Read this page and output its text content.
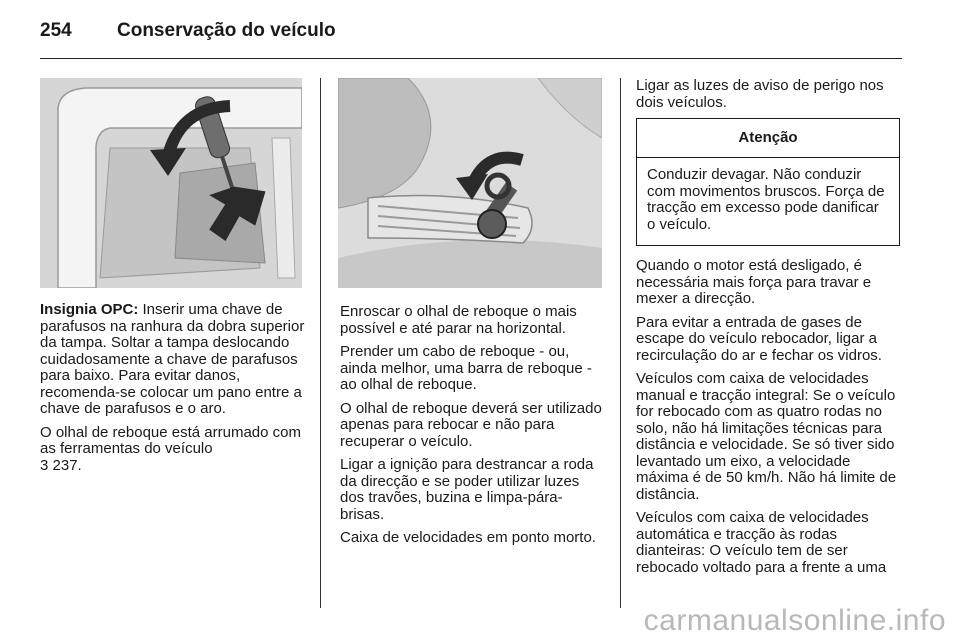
254 Conservação do veículo

Insignia OPC: Inserir uma chave de parafusos na ranhura da dobra superior da tampa. Soltar a tampa deslocando cuidadosamente a chave de parafusos para baixo. Para evitar danos, recomenda-se colocar um pano entre a chave de parafusos e o aro.

O olhal de reboque está arrumado com as ferramentas do veículo
3 237.

Enroscar o olhal de reboque o mais possível e até parar na horizontal.

Prender um cabo de reboque - ou, ainda melhor, uma barra de reboque - ao olhal de reboque.

O olhal de reboque deverá ser utilizado apenas para rebocar e não para recuperar o veículo.

Ligar a ignição para destrancar a roda da direcção e se poder utilizar luzes dos travões, buzina e limpa-pára-brisas.

Caixa de velocidades em ponto morto.

Ligar as luzes de aviso de perigo nos dois veículos.

Atenção
Conduzir devagar. Não conduzir com movimentos bruscos. Força de tracção em excesso pode danificar o veículo.

Quando o motor está desligado, é necessária mais força para travar e mexer a direcção.

Para evitar a entrada de gases de escape do veículo rebocador, ligar a recirculação do ar e fechar os vidros.

Veículos com caixa de velocidades manual e tracção integral: Se o veículo for rebocado com as quatro rodas no solo, não há limitações técnicas para distância e velocidade. Se só tiver sido levantado um eixo, a velocidade máxima é de 50 km/h. Não há limite de distância.

Veículos com caixa de velocidades automática e tracção às rodas dianteiras: O veículo tem de ser rebocado voltado para a frente a uma

carmanualsonline.info
